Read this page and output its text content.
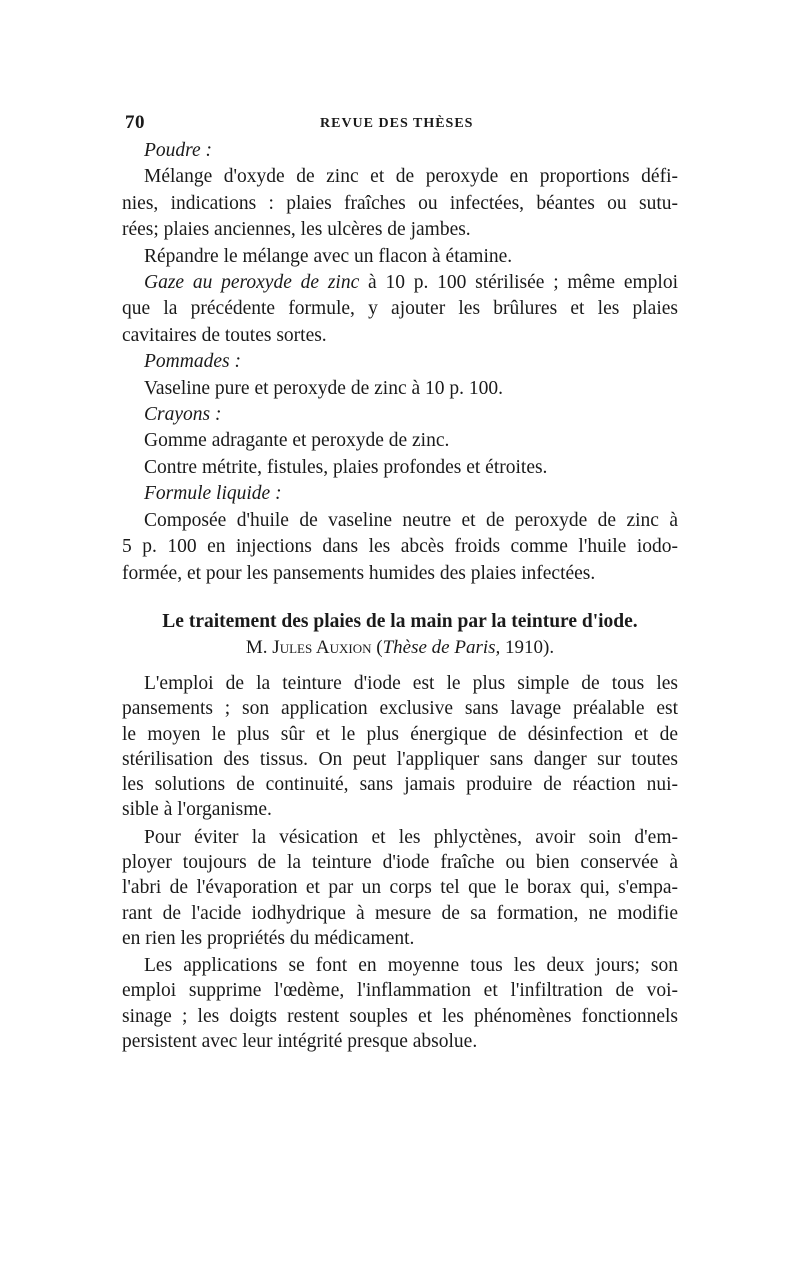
70	REVUE DES THÈSES
Poudre :
Mélange d'oxyde de zinc et de peroxyde en proportions défi-
nies, indications : plaies fraîches ou infectées, béantes ou sutu-
rées; plaies anciennes, les ulcères de jambes.
Répandre le mélange avec un flacon à étamine.
Gaze au peroxyde de zinc à 10 p. 100 stérilisée ; même emploi
que la précédente formule, y ajouter les brûlures et les plaies
cavitaires de toutes sortes.
Pommades :
Vaseline pure et peroxyde de zinc à 10 p. 100.
Crayons :
Gomme adragante et peroxyde de zinc.
Contre métrite, fistules, plaies profondes et étroites.
Formule liquide :
Composée d'huile de vaseline neutre et de peroxyde de zinc à
5 p. 100 en injections dans les abcès froids comme l'huile iodo-
formée, et pour les pansements humides des plaies infectées.
Le traitement des plaies de la main par la teinture d'iode.
M. Jules Auxion (Thèse de Paris, 1910).
L'emploi de la teinture d'iode est le plus simple de tous les
pansements ; son application exclusive sans lavage préalable est
le moyen le plus sûr et le plus énergique de désinfection et de
stérilisation des tissus. On peut l'appliquer sans danger sur toutes
les solutions de continuité, sans jamais produire de réaction nui-
sible à l'organisme.
Pour éviter la vésication et les phlyctènes, avoir soin d'em-
ployer toujours de la teinture d'iode fraîche ou bien conservée à
l'abri de l'évaporation et par un corps tel que le borax qui, s'empa-
rant de l'acide iodhydrique à mesure de sa formation, ne modifie
en rien les propriétés du médicament.
Les applications se font en moyenne tous les deux jours; son
emploi supprime l'œdème, l'inflammation et l'infiltration de voi-
sinage ; les doigts restent souples et les phénomènes fonctionnels
persistent avec leur intégrité presque absolue.
